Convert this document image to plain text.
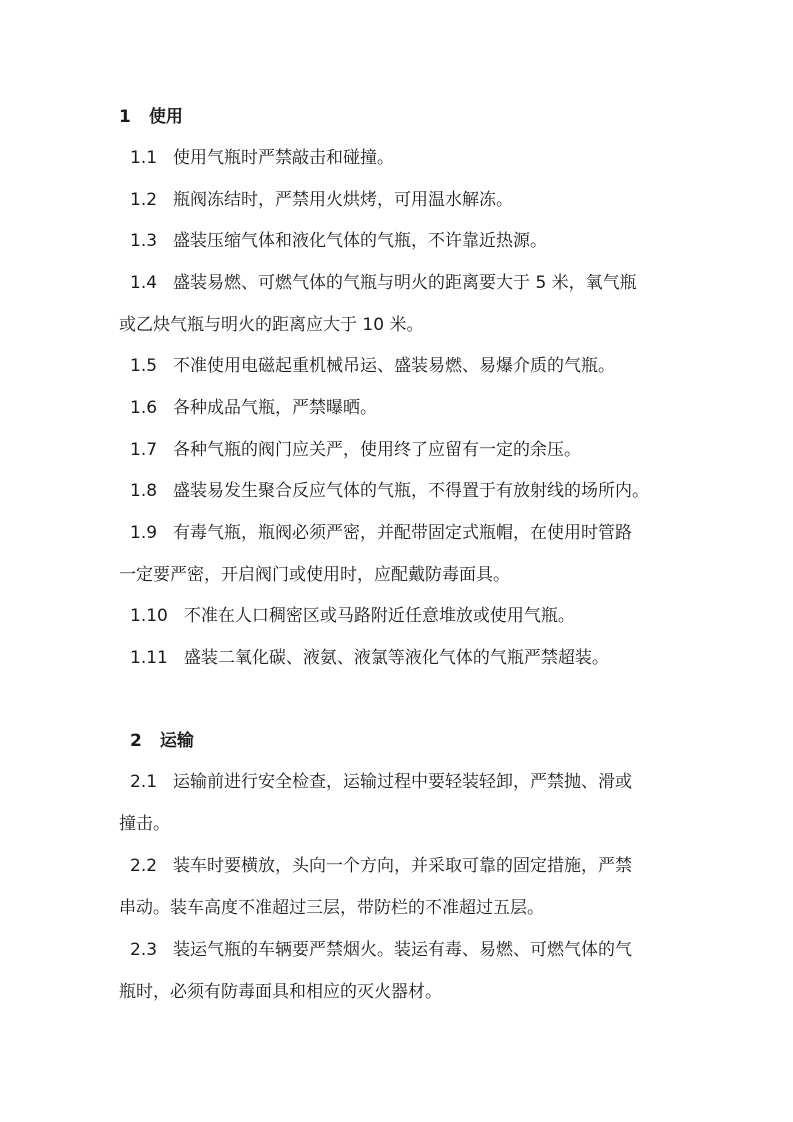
1 使用
1.1 使用气瓶时严禁敲击和碰撞。
1.2 瓶阀冻结时，严禁用火烘烤，可用温水解冻。
1.3 盛装压缩气体和液化气体的气瓶，不许靠近热源。
1.4 盛装易燃、可燃气体的气瓶与明火的距离要大于 5 米，氧气瓶
或乙炔气瓶与明火的距离应大于 10 米。
1.5 不准使用电磁起重机械吊运、盛装易燃、易爆介质的气瓶。
1.6 各种成品气瓶，严禁曝晒。
1.7 各种气瓶的阀门应关严，使用终了应留有一定的余压。
1.8 盛装易发生聚合反应气体的气瓶，不得置于有放射线的场所内。
1.9 有毒气瓶，瓶阀必须严密，并配带固定式瓶帽，在使用时管路
一定要严密，开启阀门或使用时，应配戴防毒面具。
1.10 不准在人口稠密区或马路附近任意堆放或使用气瓶。
1.11 盛装二氧化碳、液氨、液氯等液化气体的气瓶严禁超装。
2 运输
2.1 运输前进行安全检查，运输过程中要轻装轻卸，严禁抛、滑或
撞击。
2.2 装车时要横放，头向一个方向，并采取可靠的固定措施，严禁
串动。装车高度不准超过三层，带防栏的不准超过五层。
2.3 装运气瓶的车辆要严禁烟火。装运有毒、易燃、可燃气体的气
瓶时，必须有防毒面具和相应的灭火器材。
